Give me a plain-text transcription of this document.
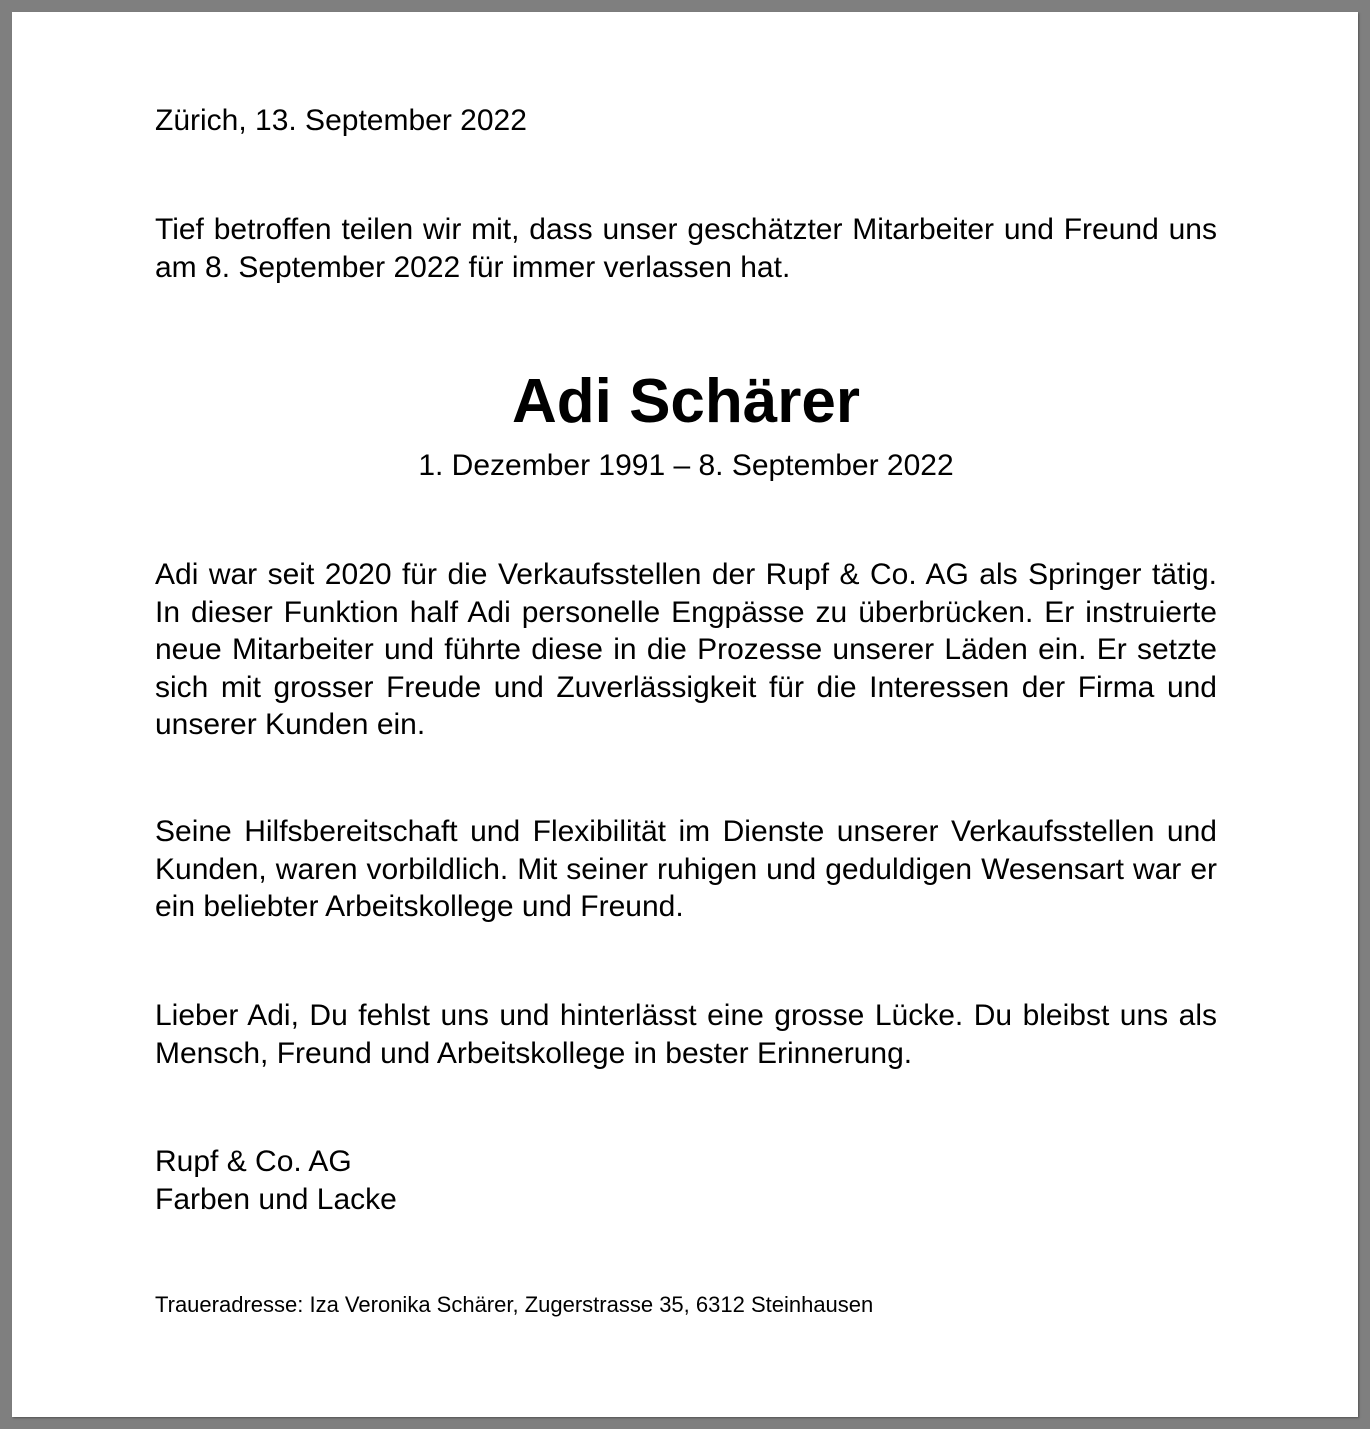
Zürich, 13. September 2022

Tief betroffen teilen wir mit, dass unser geschätzter Mitarbeiter und Freund uns am 8. September 2022 für immer verlassen hat.

Adi Schärer

1. Dezember 1991 – 8. September 2022

Adi war seit 2020 für die Verkaufsstellen der Rupf & Co. AG als Springer tätig. In dieser Funktion half Adi personelle Engpässe zu überbrücken. Er instruierte neue Mitarbeiter und führte diese in die Prozesse unserer Läden ein. Er setzte sich mit grosser Freude und Zuverlässigkeit für die Interessen der Firma und unserer Kunden ein.

Seine Hilfsbereitschaft und Flexibilität im Dienste unserer Verkaufsstellen und Kunden, waren vorbildlich. Mit seiner ruhigen und geduldigen Wesensart war er ein beliebter Arbeitskollege und Freund.

Lieber Adi, Du fehlst uns und hinterlässt eine grosse Lücke. Du bleibst uns als Mensch, Freund und Arbeitskollege in bester Erinnerung.

Rupf & Co. AG
Farben und Lacke

Traueradresse: Iza Veronika Schärer, Zugerstrasse 35, 6312 Steinhausen
